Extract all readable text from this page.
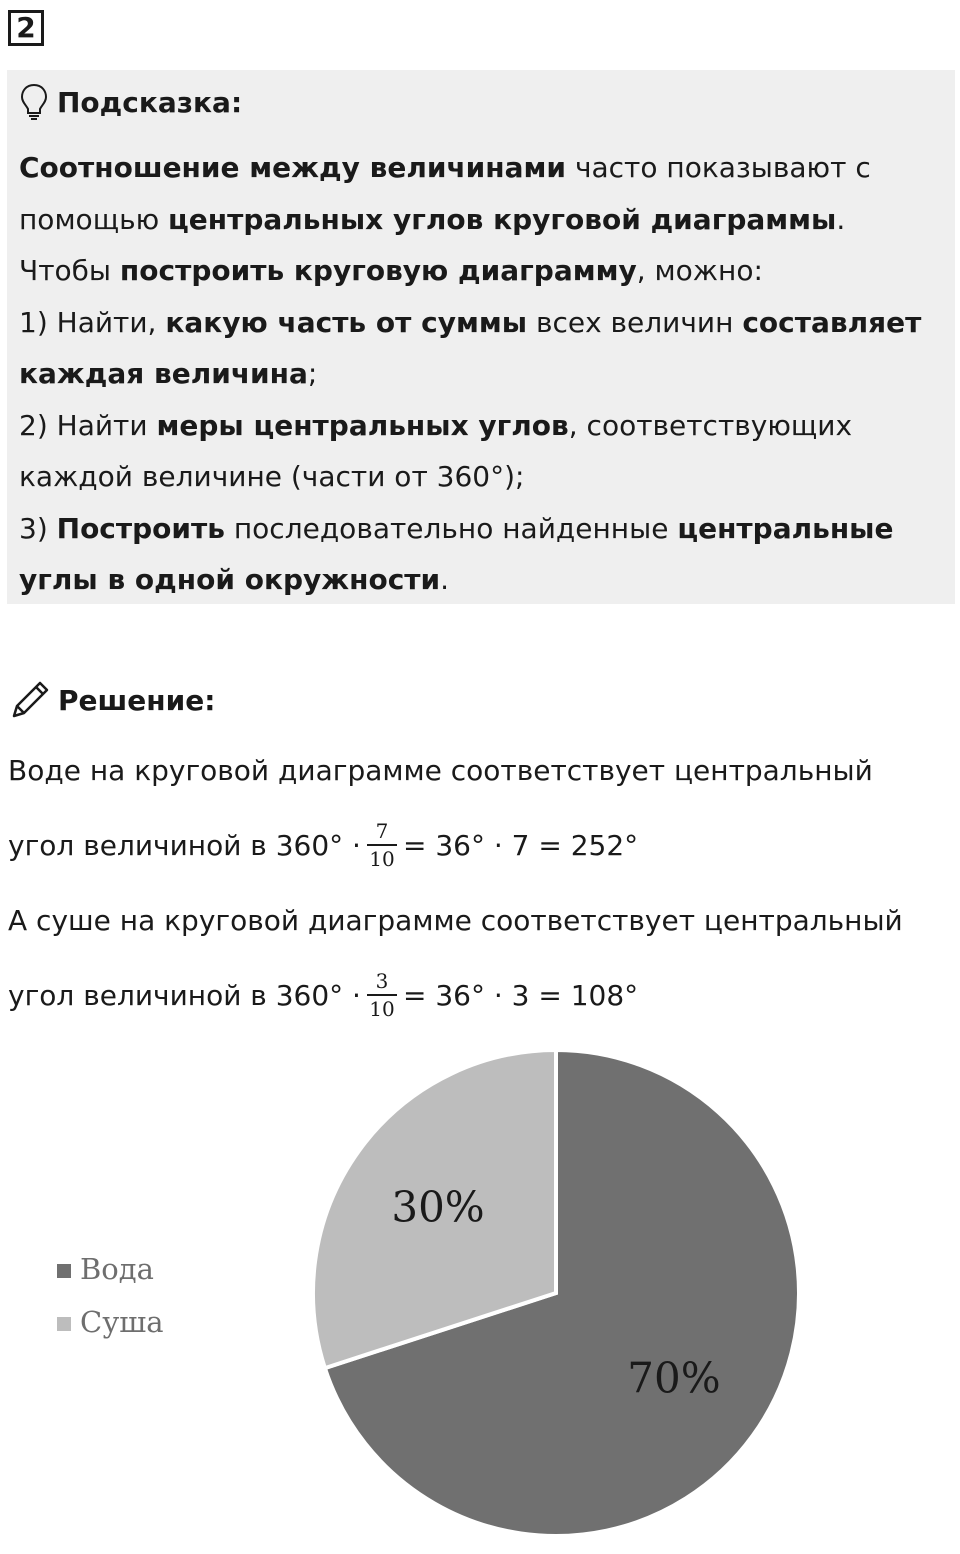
2
Подсказка:

Соотношение между величинами часто показывают с помощью центральных углов круговой диаграммы.

Чтобы построить круговую диаграмму, можно:

1) Найти, какую часть от суммы всех величин составляет каждая величина;

2) Найти меры центральных углов, соответствующих каждой величине (части от 360°);

3) Построить последовательно найденные центральные углы в одной окружности.

Решение:
Воде на круговой диаграмме соответствует центральный
угол величиной в $360^\circ \cdot \frac{7}{10} = 36^\circ \cdot 7 = 252^\circ$
А суше на круговой диаграмме соответствует центральный
угол величиной в $360^\circ \cdot \frac{3}{10} = 36^\circ \cdot 3 = 108^\circ$
70%
30%
Вода
Суша
